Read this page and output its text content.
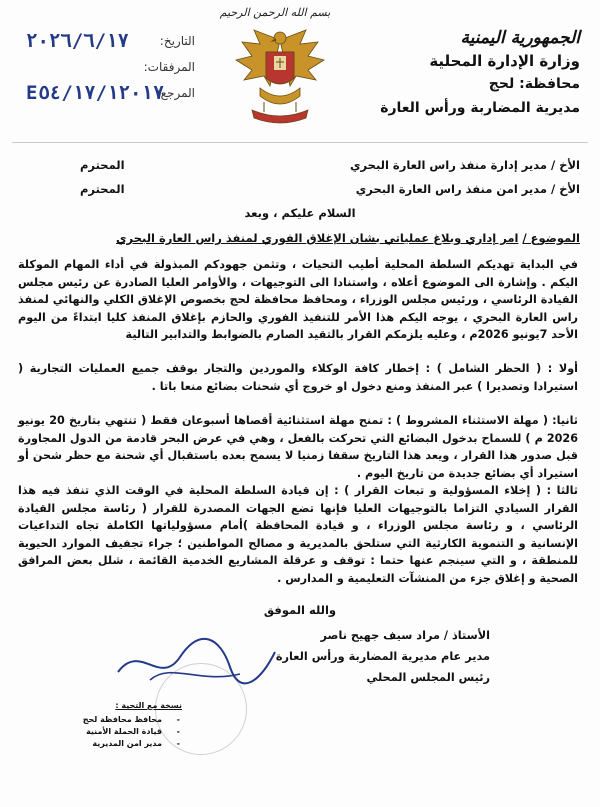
بسم الله الرحمن الرحيم
الجمهورية اليمنية
وزارة الإدارة المحلية
محافظة: لحج
مديرية المضاربة ورأس العارة
التاريخ:
٢٠٢٦/٦/١٧
المرفقات:
المرجع:
E٥٤/١٧/١٢٠١٧
الأخ / مدير إدارة منفذ راس العارة البحري
المحترم
الأخ / مدير امن منفذ راس العارة البحري
المحترم
السلام عليكم ، وبعد
الموضوع / امر إداري وبلاغ عملياتي بشان الإغلاق الفوري لمنفذ راس العارة البحري
في البداية تهديكم السلطة المحلية أطيب التحيات ، وتثمن جهودكم المبذولة في أداء المهام الموكلة اليكم . وإشارة الى الموضوع أعلاه ، واستنادا الى التوجيهات ، والأوامر العليا الصادرة عن رئيس مجلس القيادة الرئاسي ، ورئيس مجلس الوزراء ، ومحافظ محافظة لحج بخصوص الإغلاق الكلي والنهائي لمنفذ راس العارة البحري ، يوجه اليكم هذا الأمر للتنفيذ الفوري والحازم بإغلاق المنفذ كليا ابتداءً من اليوم الأحد 7يونيو 2026م ، وعليه يلزمكم القرار بالتقيد الصارم بالضوابط والتدابير التالية
أولا : ( الحظر الشامل ) : إخطار كافة الوكلاء والموردين والتجار بوقف جميع العمليات التجارية ( استيرادا وتصديرا ) عبر المنفذ ومنع دخول او خروج أي شحنات بضائع منعا باتا .
ثانيا: ( مهلة الاستثناء المشروط ) : تمنح مهلة استثنائية أقصاها أسبوعان فقط ( تنتهي بتاريخ 20 يونيو 2026 م ) للسماح بدخول البضائع التي تحركت بالفعل ، وهي في عرض البحر قادمة من الدول المجاورة قبل صدور هذا القرار ، ويعد هذا التاريخ سقفا زمنيا لا يسمح بعده باستقبال أي شحنة مع حظر شحن أو استيراد أي بضائع جديدة من تاريخ اليوم .
ثالثا : ( إخلاء المسؤولية و تبعات القرار ) : إن قيادة السلطة المحلية في الوقت الذي تنفذ فيه هذا القرار السيادي التزاما بالتوجيهات العليا فإنها تضع الجهات المصدرة للقرار ( رئاسة مجلس القيادة الرئاسي ، و رئاسة مجلس الوزراء ، و قيادة المحافظة )أمام مسؤولياتها الكاملة تجاه التداعيات الإنسانية و التنموية الكارثية التي ستلحق بالمديرية و مصالح المواطنين ؛ جراء تجفيف الموارد الحيوية للمنطقة ، و التي سينجم عنها حتما : توقف و عرقلة المشاريع الخدمية القائمة ، شلل بعض المرافق الصحية و إغلاق جزء من المنشآت التعليمية و المدارس .
والله الموفق
الأستاذ / مراد سيف جهيح ناصر
مدير عام مديرية المضاربة ورأس العارة
رئيس المجلس المحلي
نسخة مع التحية :
-
محافظ محافظة لحج
-
قيادة الحملة الأمنية
-
مدير امن المديرية
